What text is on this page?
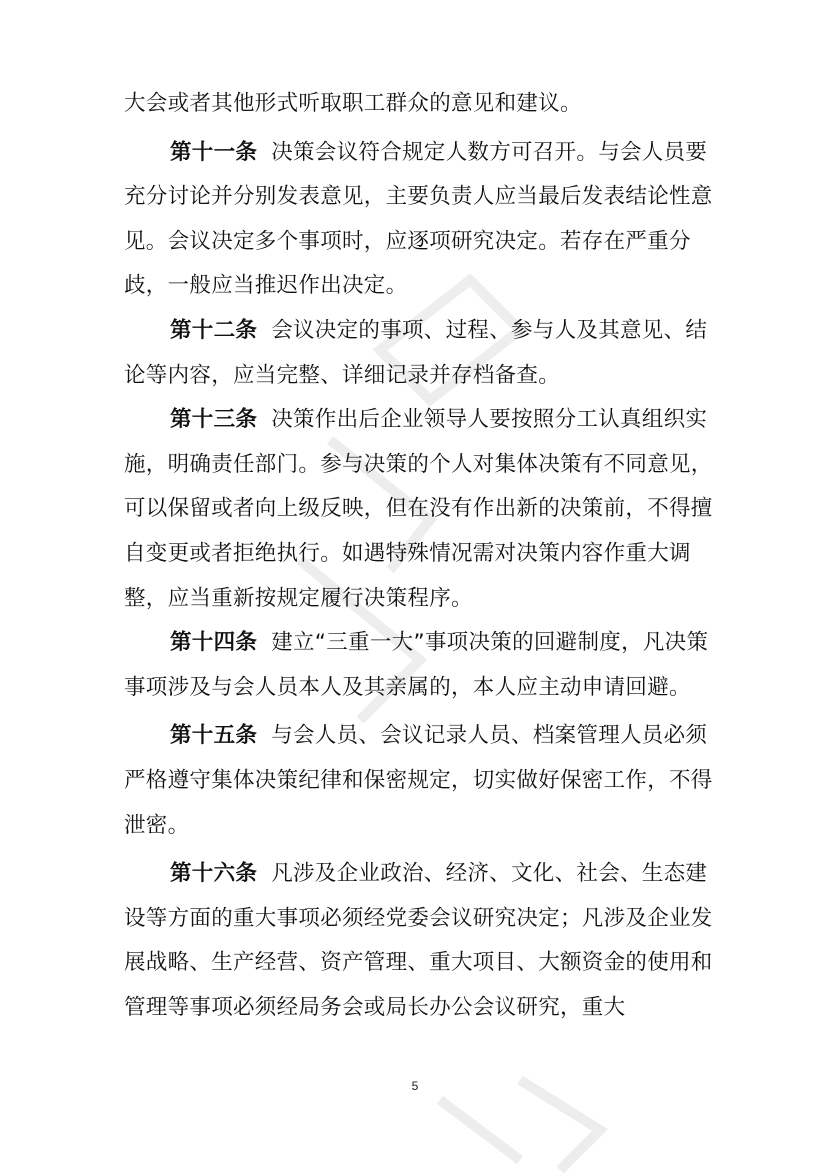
大会或者其他形式听取职工群众的意见和建议。

第十一条 决策会议符合规定人数方可召开。与会人员要充分讨论并分别发表意见，主要负责人应当最后发表结论性意见。会议决定多个事项时，应逐项研究决定。若存在严重分歧，一般应当推迟作出决定。

第十二条 会议决定的事项、过程、参与人及其意见、结论等内容，应当完整、详细记录并存档备查。

第十三条 决策作出后企业领导人要按照分工认真组织实施，明确责任部门。参与决策的个人对集体决策有不同意见，可以保留或者向上级反映，但在没有作出新的决策前，不得擅自变更或者拒绝执行。如遇特殊情况需对决策内容作重大调整，应当重新按规定履行决策程序。

第十四条 建立“三重一大”事项决策的回避制度，凡决策事项涉及与会人员本人及其亲属的，本人应主动申请回避。

第十五条 与会人员、会议记录人员、档案管理人员必须严格遵守集体决策纪律和保密规定，切实做好保密工作，不得泄密。

第十六条 凡涉及企业政治、经济、文化、社会、生态建设等方面的重大事项必须经党委会议研究决定；凡涉及企业发展战略、生产经营、资产管理、重大项目、大额资金的使用和管理等事项必须经局务会或局长办公会议研究，重大

5
